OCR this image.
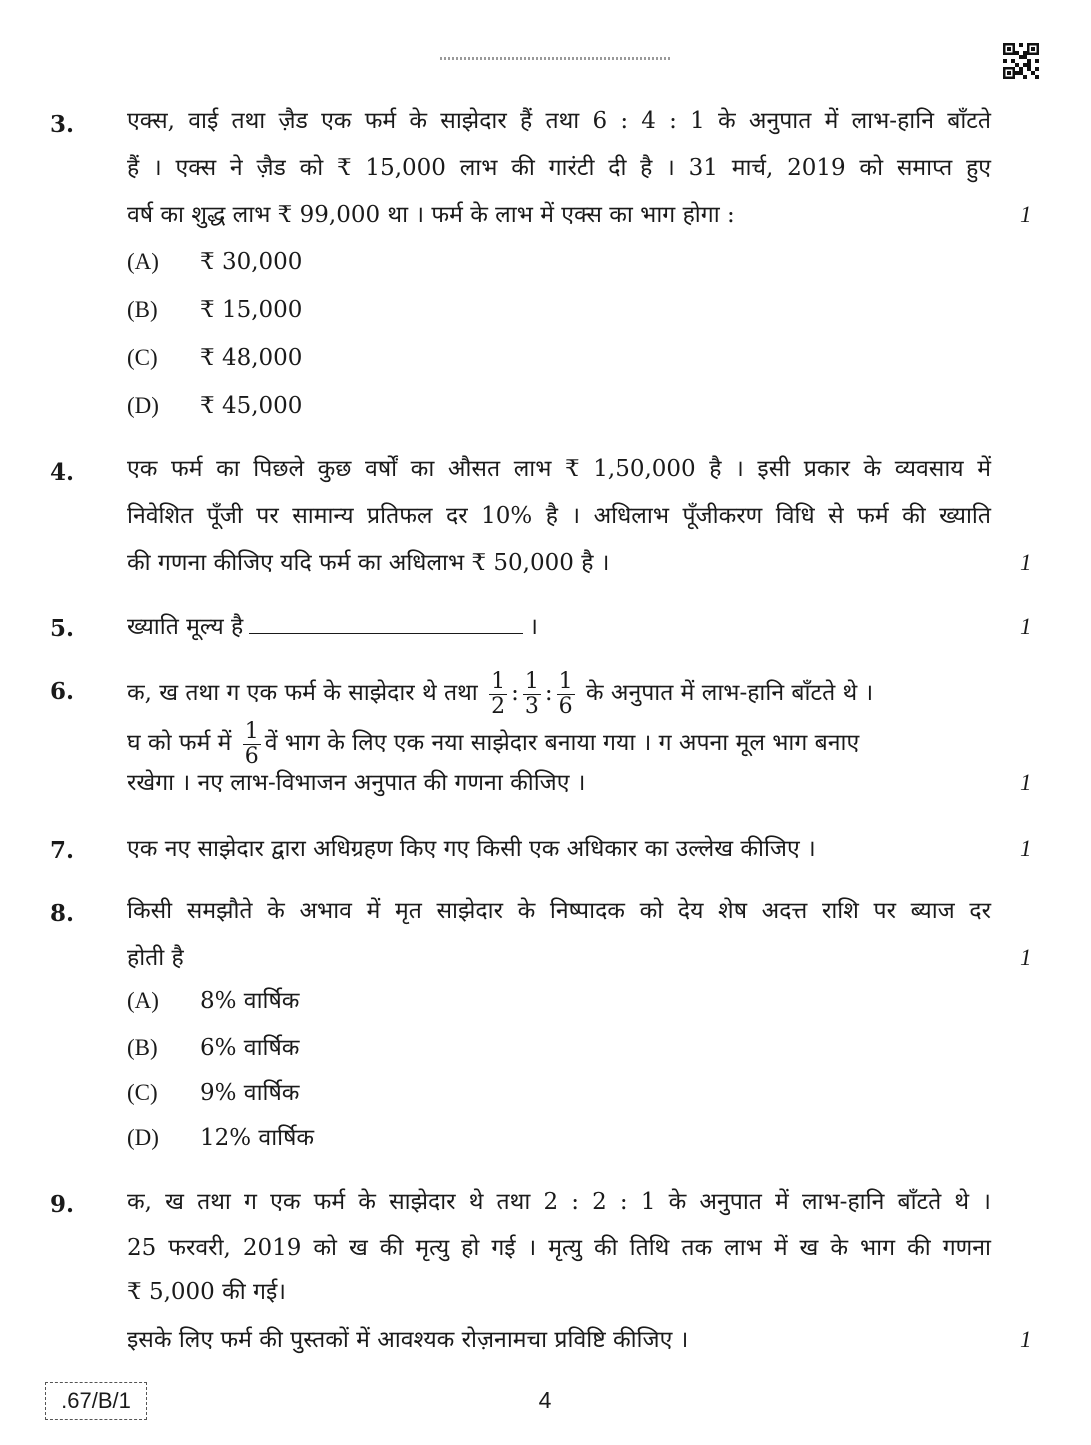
3. एक्स, वाई तथा ज़ैड एक फर्म के साझेदार हैं तथा 6 : 4 : 1 के अनुपात में लाभ-हानि बाँटते
हैं । एक्स ने ज़ैड को ₹ 15,000 लाभ की गारंटी दी है । 31 मार्च, 2019 को समाप्त हुए
वर्ष का शुद्ध लाभ ₹ 99,000 था । फर्म के लाभ में एक्स का भाग होगा :	1
(A) ₹ 30,000
(B) ₹ 15,000
(C) ₹ 48,000
(D) ₹ 45,000
4. एक फर्म का पिछले कुछ वर्षों का औसत लाभ ₹ 1,50,000 है । इसी प्रकार के व्यवसाय में
निवेशित पूँजी पर सामान्य प्रतिफल दर 10% है । अधिलाभ पूँजीकरण विधि से फर्म की ख्याति
की गणना कीजिए यदि फर्म का अधिलाभ ₹ 50,000 है ।	1
5. ख्याति मूल्य है	।	1
6. क, ख तथा ग एक फर्म के साझेदार थे तथा $\frac{1}{2}$ : $\frac{1}{3}$ : $\frac{1}{6}$ के अनुपात में लाभ-हानि बाँटते थे ।
घ को फर्म में $\frac{1}{6}$ वें भाग के लिए एक नया साझेदार बनाया गया । ग अपना मूल भाग बनाए
रखेगा । नए लाभ-विभाजन अनुपात की गणना कीजिए ।	1
7. एक नए साझेदार द्वारा अधिग्रहण किए गए किसी एक अधिकार का उल्लेख कीजिए ।	1
8. किसी समझौते के अभाव में मृत साझेदार के निष्पादक को देय शेष अदत्त राशि पर ब्याज दर
होती है	1
(A) 8% वार्षिक
(B) 6% वार्षिक
(C) 9% वार्षिक
(D) 12% वार्षिक
9. क, ख तथा ग एक फर्म के साझेदार थे तथा 2 : 2 : 1 के अनुपात में लाभ-हानि बाँटते थे ।
25 फरवरी, 2019 को ख की मृत्यु हो गई । मृत्यु की तिथि तक लाभ में ख के भाग की गणना
₹ 5,000 की गई।
इसके लिए फर्म की पुस्तकों में आवश्यक रोज़नामचा प्रविष्टि कीजिए ।	1
.67/B/1	4
